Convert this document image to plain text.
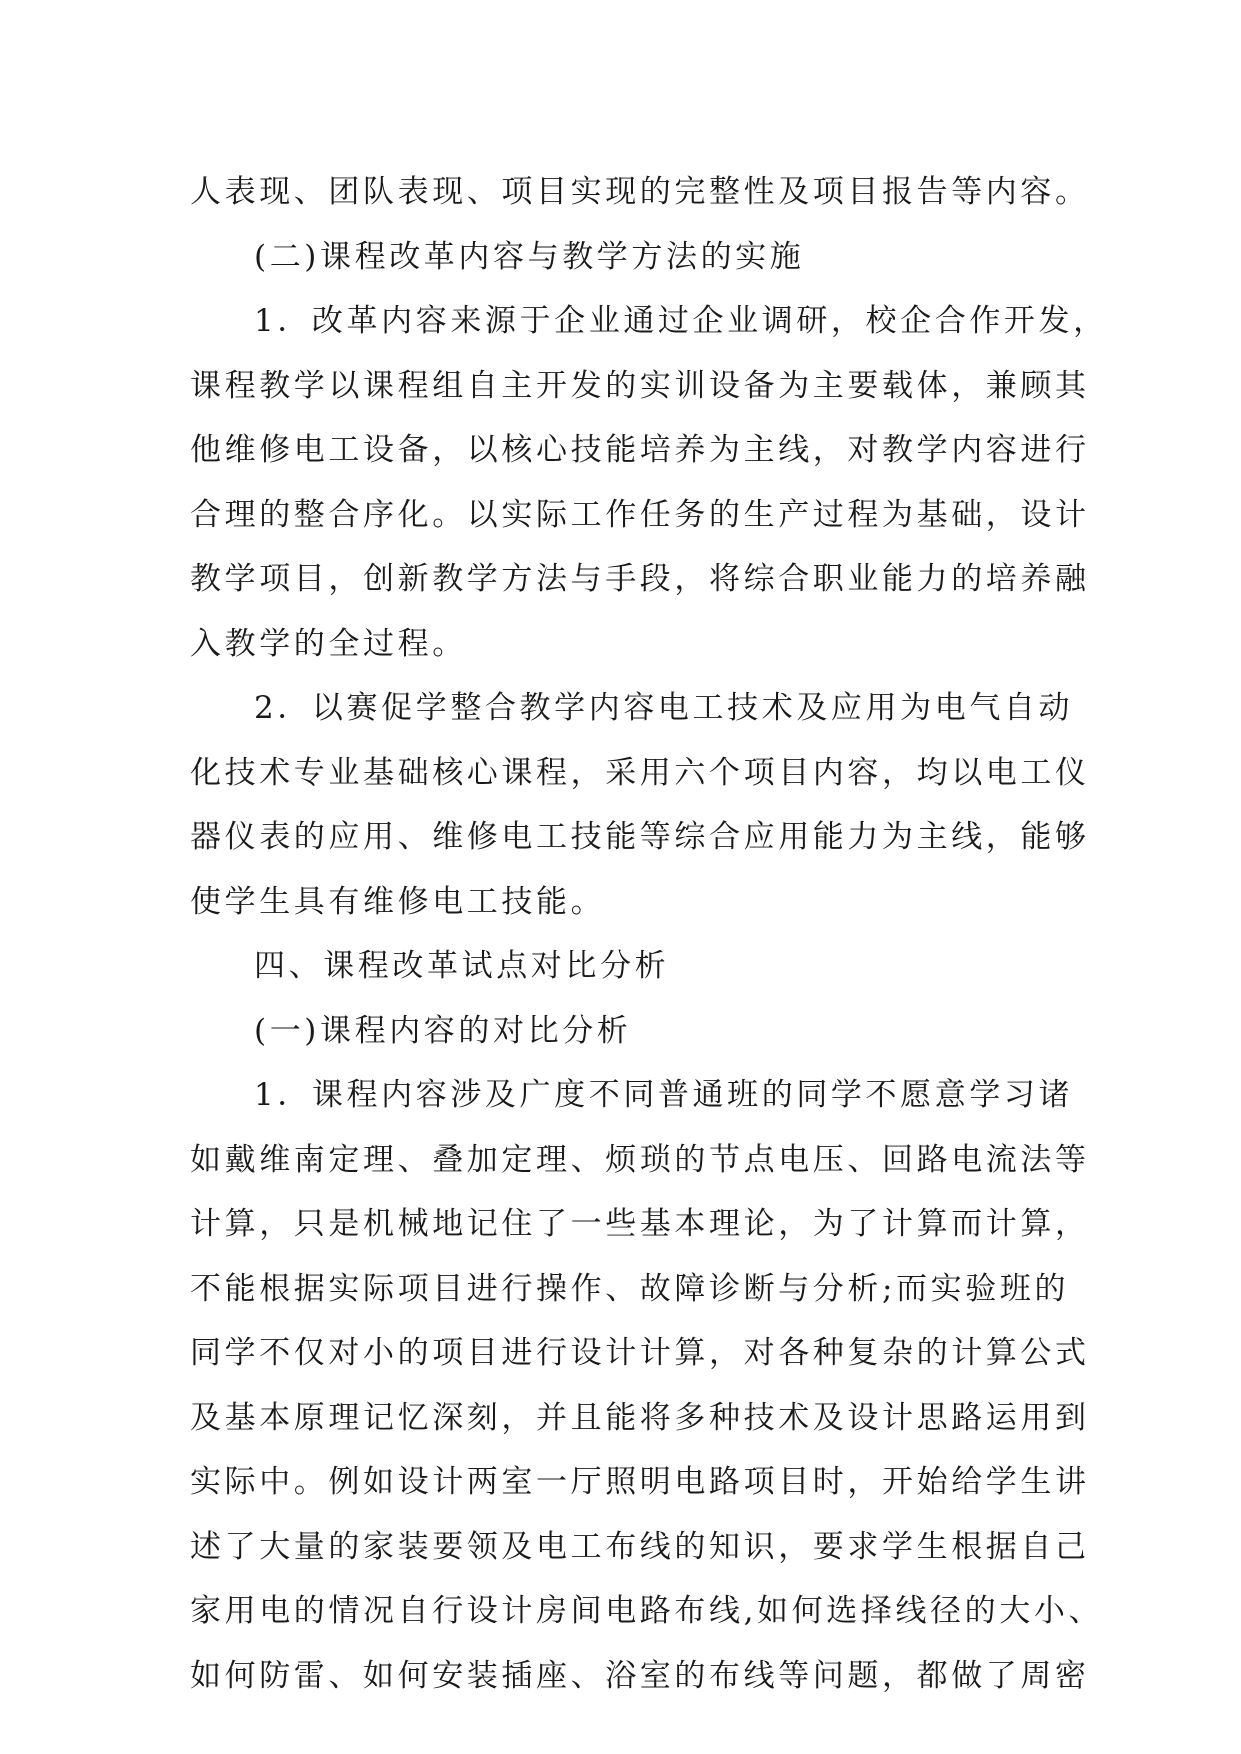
人表现、团队表现、项目实现的完整性及项目报告等内容。
(二)课程改革内容与教学方法的实施
1．改革内容来源于企业通过企业调研，校企合作开发，
课程教学以课程组自主开发的实训设备为主要载体，兼顾其
他维修电工设备，以核心技能培养为主线，对教学内容进行
合理的整合序化。以实际工作任务的生产过程为基础，设计
教学项目，创新教学方法与手段，将综合职业能力的培养融
入教学的全过程。
2．以赛促学整合教学内容电工技术及应用为电气自动
化技术专业基础核心课程，采用六个项目内容，均以电工仪
器仪表的应用、维修电工技能等综合应用能力为主线，能够
使学生具有维修电工技能。
四、课程改革试点对比分析
(一)课程内容的对比分析
1．课程内容涉及广度不同普通班的同学不愿意学习诸
如戴维南定理、叠加定理、烦琐的节点电压、回路电流法等
计算，只是机械地记住了一些基本理论，为了计算而计算，
不能根据实际项目进行操作、故障诊断与分析;而实验班的
同学不仅对小的项目进行设计计算，对各种复杂的计算公式
及基本原理记忆深刻，并且能将多种技术及设计思路运用到
实际中。例如设计两室一厅照明电路项目时，开始给学生讲
述了大量的家装要领及电工布线的知识，要求学生根据自己
家用电的情况自行设计房间电路布线,如何选择线径的大小、
如何防雷、如何安装插座、浴室的布线等问题，都做了周密
